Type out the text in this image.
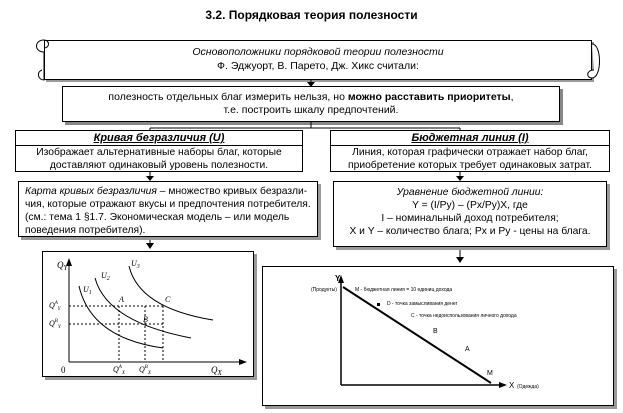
3.2. Порядковая теория полезности
Основоположники порядковой теории полезности
Ф. Эджуорт, В. Парето, Дж. Хикс считали:
полезность отдельных благ измерить нельзя, но можно расставить приоритеты,
т.е. построить шкалу предпочтений.
Кривая безразличия (U)
Изображает альтернативные наборы благ, которые
доставляют одинаковый уровень полезности.
Карта кривых безразличия – множество кривых безразли-
чия, которые отражают вкусы и предпочтения потребителя.
(см.: тема 1 §1.7. Экономическая модель – или модель
поведения потребителя).
Бюджетная линия (I)
Линия, которая графически отражает набор благ,
приобретение которых требует одинаковых затрат.
Уравнение бюджетной линии:
Y = (I/Py) – (Px/Py)X, где
I – номинальный доход потребителя;
X и Y – количество блага; Px и Py - цены на блага.
$Q_Y$
0	$Q_X$
$U_1$
$U_2$
$U_3$
A
B
C
$Q^A_Y$
$Q^B_Y$
$Q^A_X$ $Q^B_X$
Y
(Продукты)
X (Одежда)
M - бюджетная линия = 10 единиц дохода
D - точка замысливания денег
C - точка недоиспользования личного дохода
B
A
M
